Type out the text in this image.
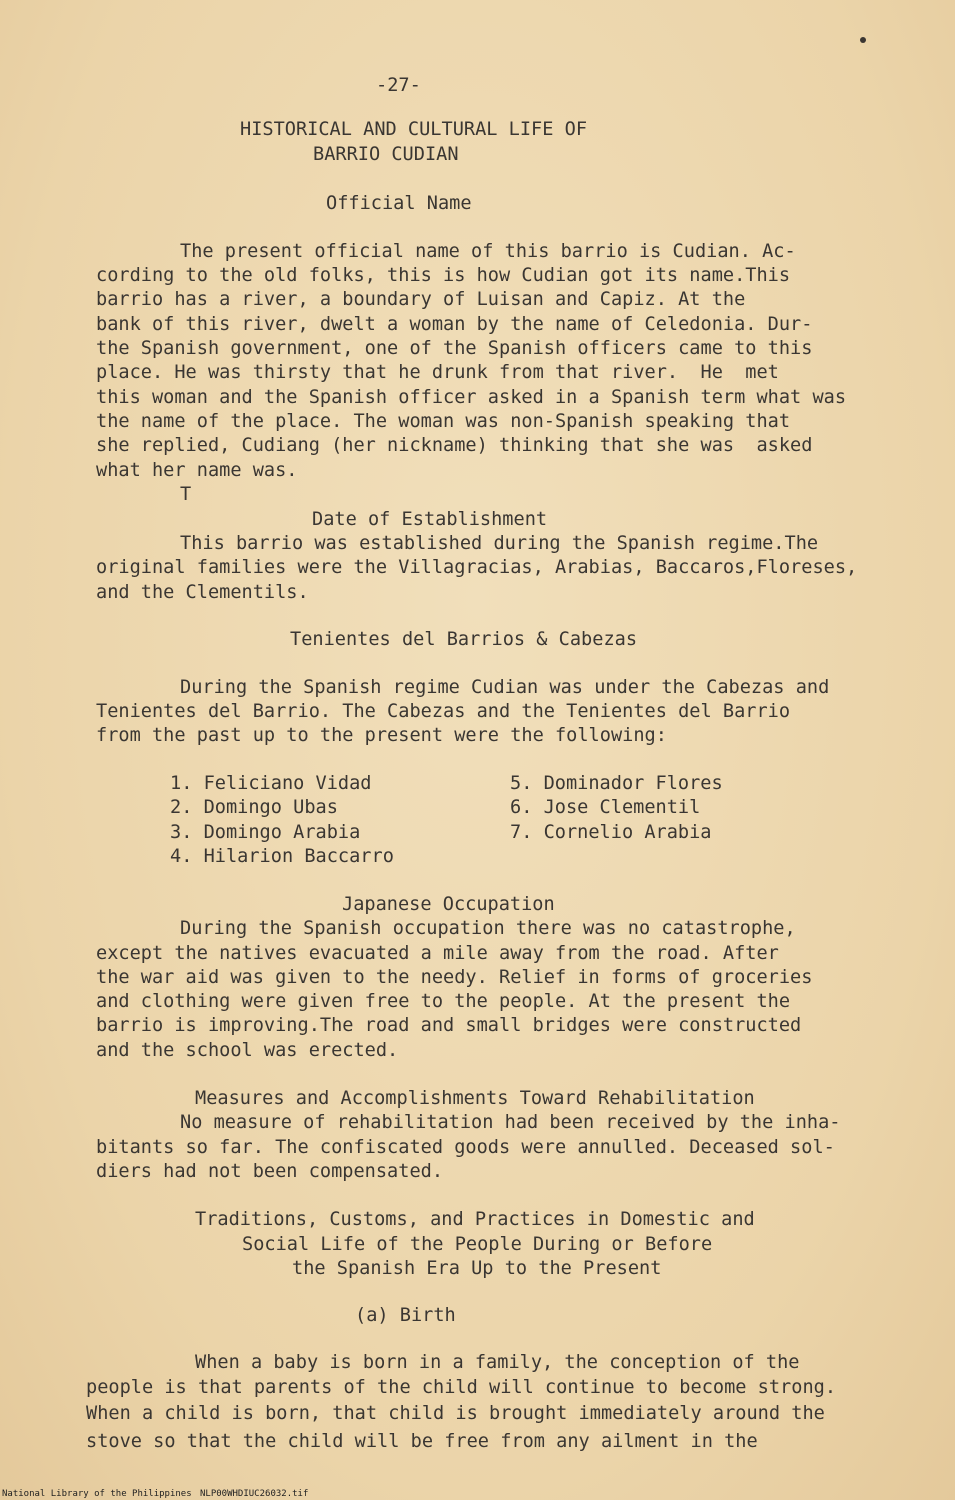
-27-
HISTORICAL AND CULTURAL LIFE OF
BARRIO CUDIAN
Official Name
The present official name of this barrio is Cudian. Ac-
cording to the old folks, this is how Cudian got its name.This
barrio has a river, a boundary of Luisan and Capiz. At the
bank of this river, dwelt a woman by the name of Celedonia. Dur-
the Spanish government, one of the Spanish officers came to this
place. He was thirsty that he drunk from that river.  He  met
this woman and the Spanish officer asked in a Spanish term what was
the name of the place. The woman was non-Spanish speaking that
she replied, Cudiang (her nickname) thinking that she was  asked
what her name was.
T
Date of Establishment
This barrio was established during the Spanish regime.The
original families were the Villagracias, Arabias, Baccaros,Floreses,
and the Clementils.
Tenientes del Barrios & Cabezas
During the Spanish regime Cudian was under the Cabezas and
Tenientes del Barrio. The Cabezas and the Tenientes del Barrio
from the past up to the present were the following:
1. Feliciano Vidad
2. Domingo Ubas
3. Domingo Arabia
4. Hilarion Baccarro
5. Dominador Flores
6. Jose Clementil
7. Cornelio Arabia
Japanese Occupation
During the Spanish occupation there was no catastrophe,
except the natives evacuated a mile away from the road. After
the war aid was given to the needy. Relief in forms of groceries
and clothing were given free to the people. At the present the
barrio is improving.The road and small bridges were constructed
and the school was erected.
Measures and Accomplishments Toward Rehabilitation
No measure of rehabilitation had been received by the inha-
bitants so far. The confiscated goods were annulled. Deceased sol-
diers had not been compensated.
Traditions, Customs, and Practices in Domestic and
Social Life of the People During or Before
the Spanish Era Up to the Present
(a) Birth
When a baby is born in a family, the conception of the
people is that parents of the child will continue to become strong.
When a child is born, that child is brought immediately around the
stove so that the child will be free from any ailment in the
National Library of the Philippines NLP00WHDIUC26032.tif
